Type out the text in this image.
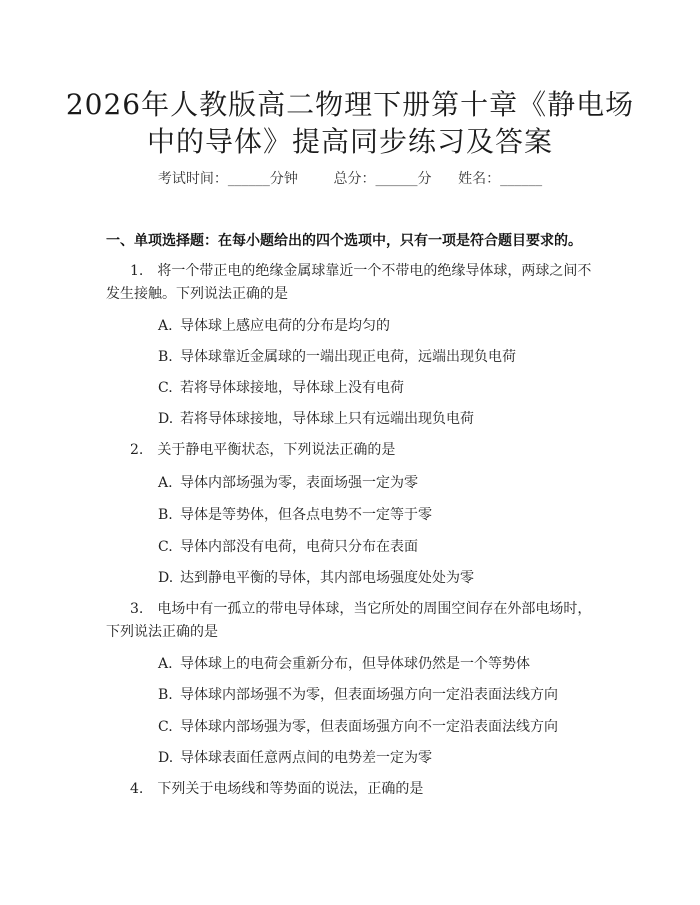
2026年人教版高二物理下册第十章《静电场
中的导体》提高同步练习及答案
考试时间：______分钟	总分：______分 姓名：______
一、单项选择题：在每小题给出的四个选项中，只有一项是符合题目要求的。
1. 将一个带正电的绝缘金属球靠近一个不带电的绝缘导体球，两球之间不发生接触。下列说法正确的是
A. 导体球上感应电荷的分布是均匀的
B. 导体球靠近金属球的一端出现正电荷，远端出现负电荷
C. 若将导体球接地，导体球上没有电荷
D. 若将导体球接地，导体球上只有远端出现负电荷
2. 关于静电平衡状态，下列说法正确的是
A. 导体内部场强为零，表面场强一定为零
B. 导体是等势体，但各点电势不一定等于零
C. 导体内部没有电荷，电荷只分布在表面
D. 达到静电平衡的导体，其内部电场强度处处为零
3. 电场中有一孤立的带电导体球，当它所处的周围空间存在外部电场时，下列说法正确的是
A. 导体球上的电荷会重新分布，但导体球仍然是一个等势体
B. 导体球内部场强不为零，但表面场强方向一定沿表面法线方向
C. 导体球内部场强为零，但表面场强方向不一定沿表面法线方向
D. 导体球表面任意两点间的电势差一定为零
4. 下列关于电场线和等势面的说法，正确的是
